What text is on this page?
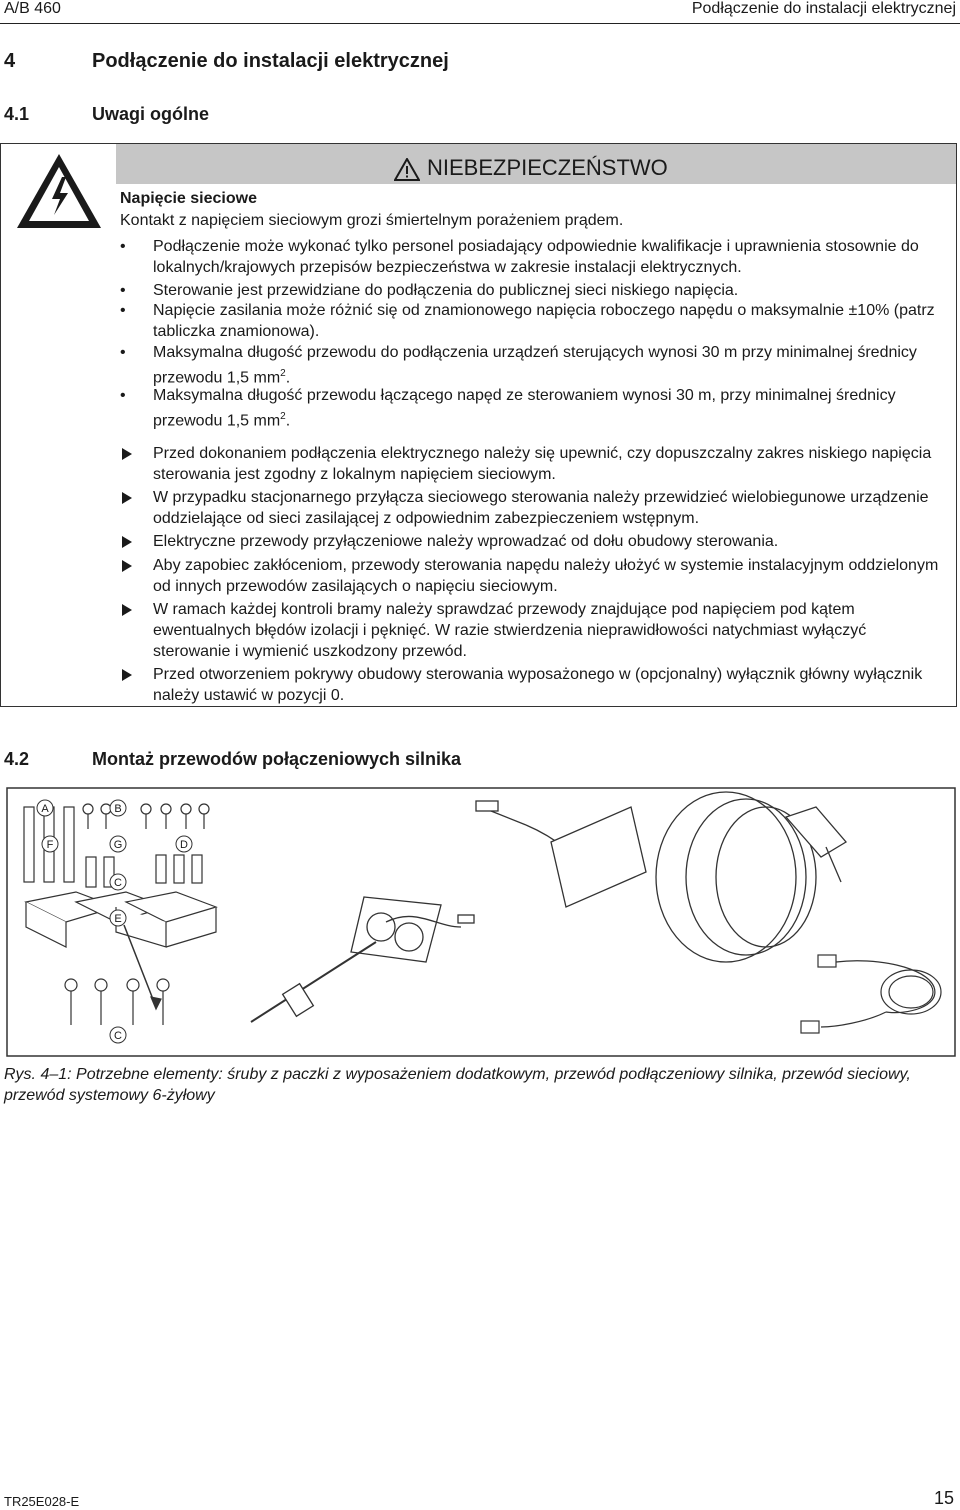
A/B 460	Podłączenie do instalacji elektrycznej
4	Podłączenie do instalacji elektrycznej
4.1	Uwagi ogólne
NIEBEZPIECZEŃSTWO
Napięcie sieciowe
Kontakt z napięciem sieciowym grozi śmiertelnym porażeniem prądem.
• Podłączenie może wykonać tylko personel posiadający odpowiednie kwalifikacje i uprawnienia stosownie do lokalnych/krajowych przepisów bezpieczeństwa w zakresie instalacji elektrycznych.
• Sterowanie jest przewidziane do podłączenia do publicznej sieci niskiego napięcia.
• Napięcie zasilania może różnić się od znamionowego napięcia roboczego napędu o maksymalnie ±10% (patrz tabliczka znamionowa).
• Maksymalna długość przewodu do podłączenia urządzeń sterujących wynosi 30 m przy minimalnej średnicy przewodu 1,5 $mm^2$.
• Maksymalna długość przewodu łączącego napęd ze sterowaniem wynosi 30 m, przy minimalnej średnicy przewodu 1,5 $mm^2$.
Przed dokonaniem podłączenia elektrycznego należy się upewnić, czy dopuszczalny zakres niskiego napięcia sterowania jest zgodny z lokalnym napięciem sieciowym.
W przypadku stacjonarnego przyłącza sieciowego sterowania należy przewidzieć wielobiegunowe urządzenie oddzielające od sieci zasilającej z odpowiednim zabezpieczeniem wstępnym.
Elektryczne przewody przyłączeniowe należy wprowadzać od dołu obudowy sterowania.
Aby zapobiec zakłóceniom, przewody sterowania napędu należy ułożyć w systemie instalacyjnym oddzielonym od innych przewodów zasilających o napięciu sieciowym.
W ramach każdej kontroli bramy należy sprawdzać przewody znajdujące pod napięciem pod kątem ewentualnych błędów izolacji i pęknięć. W razie stwierdzenia nieprawidłowości natychmiast wyłączyć sterowanie i wymienić uszkodzony przewód.
Przed otworzeniem pokrywy obudowy sterowania wyposażonego w (opcjonalny) wyłącznik główny wyłącznik należy ustawić w pozycji 0.
4.2	Montaż przewodów połączeniowych silnika
A	B
F	G	D
C
E
C
Rys. 4–1: Potrzebne elementy: śruby z paczki z wyposażeniem dodatkowym, przewód podłączeniowy silnika, przewód sieciowy, przewód systemowy 6-żyłowy
TR25E028-E	15
